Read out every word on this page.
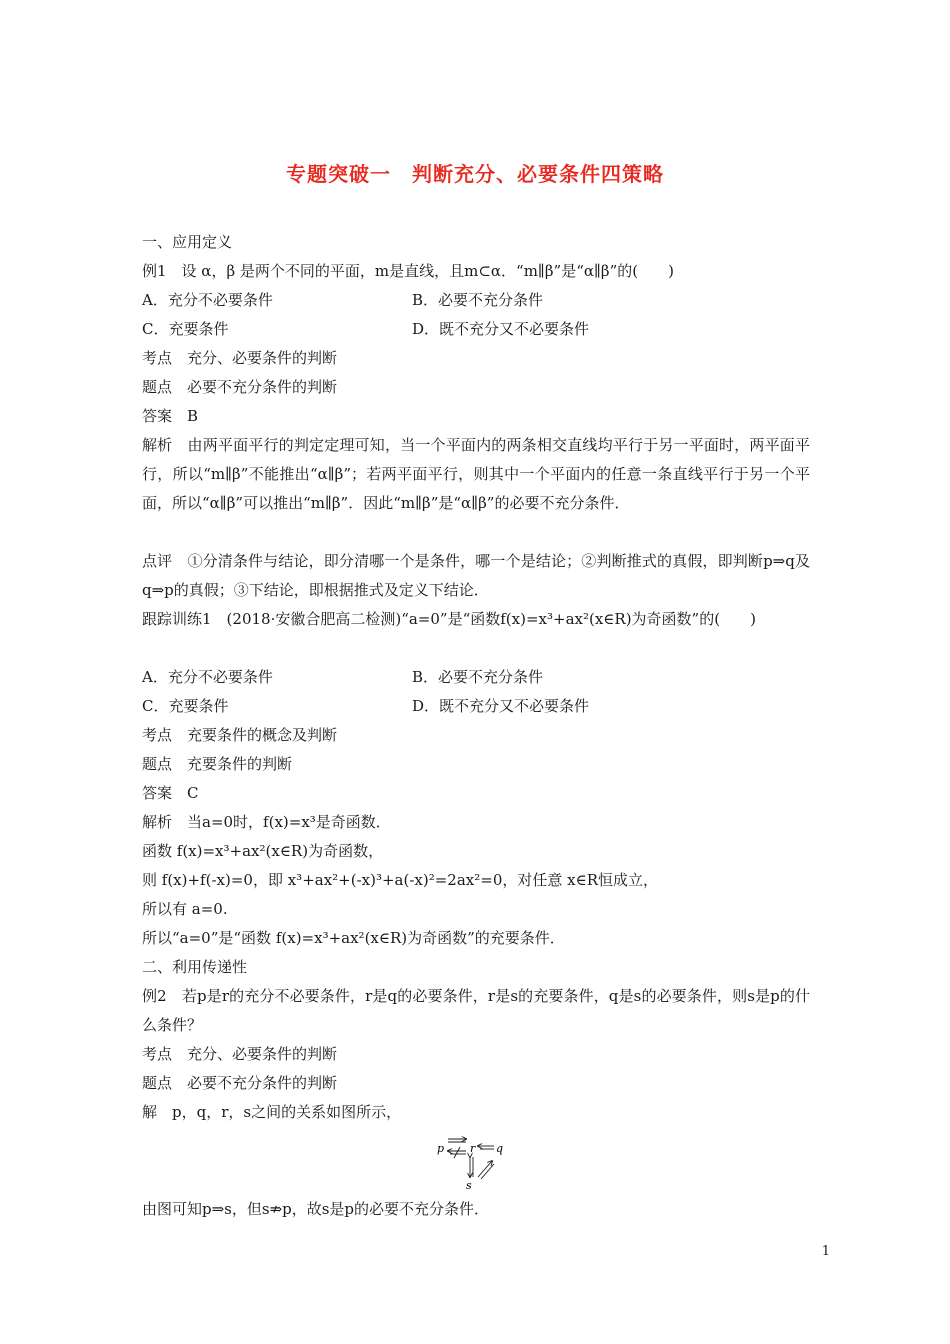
专题突破一　判断充分、必要条件四策略
一、应用定义
例1　设 α，β 是两个不同的平面，m是直线，且m⊂α．“m∥β”是“α∥β”的(　　)
A．充分不必要条件	B．必要不充分条件
C．充要条件	D．既不充分又不必要条件
考点　充分、必要条件的判断
题点　必要不充分条件的判断
答案　B
解析　由两平面平行的判定定理可知，当一个平面内的两条相交直线均平行于另一平面时，两平面平行，所以“m∥β”不能推出“α∥β”；若两平面平行，则其中一个平面内的任意一条直线平行于另一个平面，所以“α∥β”可以推出“m∥β”．因此“m∥β”是“α∥β”的必要不充分条件．
点评　①分清条件与结论，即分清哪一个是条件，哪一个是结论；②判断推式的真假，即判断p⇒q及q⇒p的真假；③下结论，即根据推式及定义下结论．
跟踪训练1　(2018·安徽合肥高二检测)“a=0”是“函数f(x)=x³+ax²(x∈R)为奇函数”的(　　)
A．充分不必要条件	B．必要不充分条件
C．充要条件	D．既不充分又不必要条件
考点　充要条件的概念及判断
题点　充要条件的判断
答案　C
解析　当a=0时，f(x)=x³是奇函数．
函数 f(x)=x³+ax²(x∈R)为奇函数，
则 f(x)+f(-x)=0，即 x³+ax²+(-x)³+a(-x)²=2ax²=0，对任意 x∈R恒成立，
所以有 a=0.
所以“a=0”是“函数 f(x)=x³+ax²(x∈R)为奇函数”的充要条件．
二、利用传递性
例2　若p是r的充分不必要条件，r是q的必要条件，r是s的充要条件，q是s的必要条件，则s是p的什么条件？
考点　充分、必要条件的判断
题点　必要不充分条件的判断
解　p，q，r，s之间的关系如图所示，
p r q
s
由图可知p⇒s，但s⇏p，故s是p的必要不充分条件．
1
